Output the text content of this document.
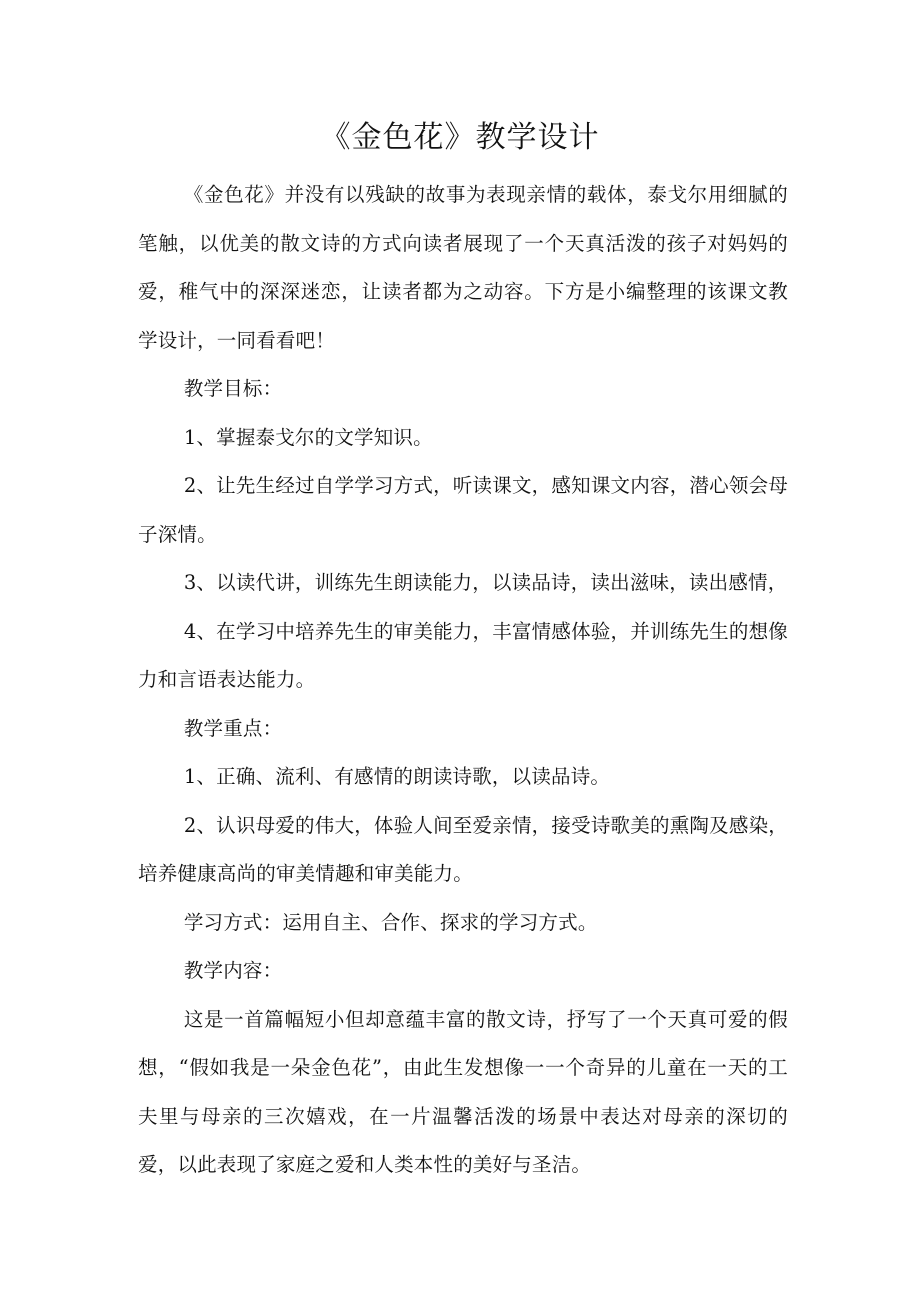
《金色花》教学设计

《金色花》并没有以残缺的故事为表现亲情的载体，泰戈尔用细腻的笔触，以优美的散文诗的方式向读者展现了一个天真活泼的孩子对妈妈的爱，稚气中的深深迷恋，让读者都为之动容。下方是小编整理的该课文教学设计，一同看看吧！

教学目标：

1、掌握泰戈尔的文学知识。

2、让先生经过自学学习方式，听读课文，感知课文内容，潜心领会母子深情。

3、以读代讲，训练先生朗读能力，以读品诗，读出滋味，读出感情，

4、在学习中培养先生的审美能力，丰富情感体验，并训练先生的想像力和言语表达能力。

教学重点：

1、正确、流利、有感情的朗读诗歌，以读品诗。

2、认识母爱的伟大，体验人间至爱亲情，接受诗歌美的熏陶及感染，培养健康高尚的审美情趣和审美能力。

学习方式：运用自主、合作、探求的学习方式。

教学内容：

这是一首篇幅短小但却意蕴丰富的散文诗，抒写了一个天真可爱的假想，“假如我是一朵金色花”，由此生发想像一一个奇异的儿童在一天的工夫里与母亲的三次嬉戏，在一片温馨活泼的场景中表达对母亲的深切的爱，以此表现了家庭之爱和人类本性的美好与圣洁。
